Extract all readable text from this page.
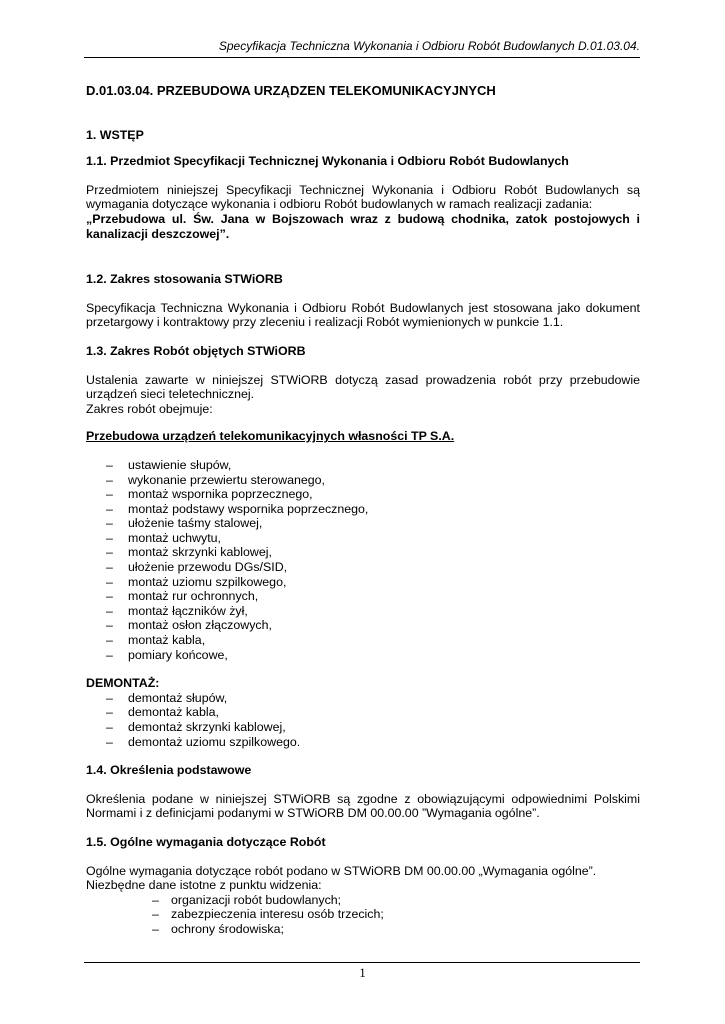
Specyfikacja Techniczna Wykonania i Odbioru Robót Budowlanych D.01.03.04.

D.01.03.04. PRZEBUDOWA URZĄDZEN TELEKOMUNIKACYJNYCH

1. WSTĘP

1.1. Przedmiot Specyfikacji Technicznej Wykonania i Odbioru Robót Budowlanych

Przedmiotem niniejszej Specyfikacji Technicznej Wykonania i Odbioru Robót Budowlanych są wymagania dotyczące wykonania i odbioru Robót budowlanych w ramach realizacji zadania:

„Przebudowa ul. Św. Jana w Bojszowach wraz z budową chodnika, zatok postojowych i kanalizacji deszczowej”.

1.2. Zakres stosowania STWiORB

Specyfikacja Techniczna Wykonania i Odbioru Robót Budowlanych jest stosowana jako dokument przetargowy i kontraktowy przy zleceniu i realizacji Robót wymienionych w punkcie 1.1.

1.3. Zakres Robót objętych STWiORB

Ustalenia zawarte w niniejszej STWiORB dotyczą zasad prowadzenia robót przy przebudowie urządzeń sieci teletechnicznej.

Zakres robót obejmuje:

Przebudowa urządzeń telekomunikacyjnych własności TP S.A.

– ustawienie słupów,
– wykonanie przewiertu sterowanego,
– montaż wspornika poprzecznego,
– montaż podstawy wspornika poprzecznego,
– ułożenie taśmy stalowej,
– montaż uchwytu,
– montaż skrzynki kablowej,
– ułożenie przewodu DGs/SID,
– montaż uziomu szpilkowego,
– montaż rur ochronnych,
– montaż łączników żył,
– montaż osłon złączowych,
– montaż kabla,
– pomiary końcowe,

DEMONTAŻ:

– demontaż słupów,
– demontaż kabla,
– demontaż skrzynki kablowej,
– demontaż uziomu szpilkowego.

1.4. Określenia podstawowe

Określenia podane w niniejszej STWiORB są zgodne z obowiązującymi odpowiednimi Polskimi Normami i z definicjami podanymi w STWiORB DM 00.00.00 ”Wymagania ogólne”.

1.5. Ogólne wymagania dotyczące Robót

Ogólne wymagania dotyczące robót podano w STWiORB DM 00.00.00 „Wymagania ogólne”.

Niezbędne dane istotne z punktu widzenia:

– organizacji robót budowlanych;
– zabezpieczenia interesu osób trzecich;
– ochrony środowiska;
1
